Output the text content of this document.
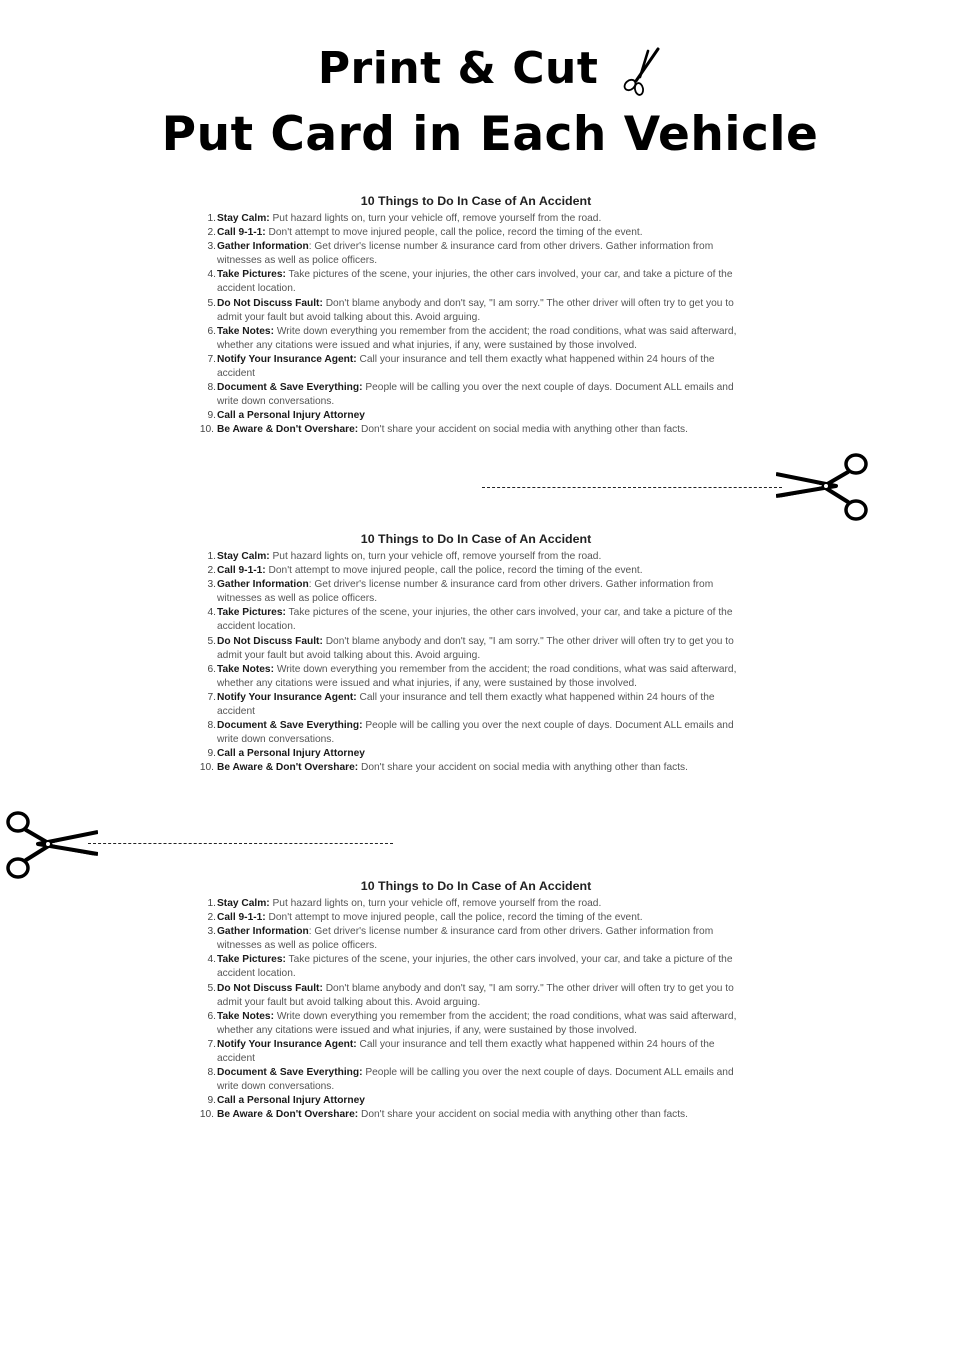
Print & Cut
Put Card in Each Vehicle
10 Things to Do In Case of An Accident
1. Stay Calm: Put hazard lights on, turn your vehicle off, remove yourself from the road.
2. Call 9-1-1: Don't attempt to move injured people, call the police, record the timing of the event.
3. Gather Information: Get driver's license number & insurance card from other drivers. Gather information from witnesses as well as police officers.
4. Take Pictures: Take pictures of the scene, your injuries, the other cars involved, your car, and take a picture of the accident location.
5. Do Not Discuss Fault: Don't blame anybody and don't say, "I am sorry." The other driver will often try to get you to admit your fault but avoid talking about this. Avoid arguing.
6. Take Notes: Write down everything you remember from the accident; the road conditions, what was said afterward, whether any citations were issued and what injuries, if any, were sustained by those involved.
7. Notify Your Insurance Agent: Call your insurance and tell them exactly what happened within 24 hours of the accident
8. Document & Save Everything: People will be calling you over the next couple of days. Document ALL emails and write down conversations.
9. Call a Personal Injury Attorney
10. Be Aware & Don't Overshare: Don't share your accident on social media with anything other than facts.
10 Things to Do In Case of An Accident
1. Stay Calm: Put hazard lights on, turn your vehicle off, remove yourself from the road.
2. Call 9-1-1: Don't attempt to move injured people, call the police, record the timing of the event.
3. Gather Information: Get driver's license number & insurance card from other drivers. Gather information from witnesses as well as police officers.
4. Take Pictures: Take pictures of the scene, your injuries, the other cars involved, your car, and take a picture of the accident location.
5. Do Not Discuss Fault: Don't blame anybody and don't say, "I am sorry." The other driver will often try to get you to admit your fault but avoid talking about this. Avoid arguing.
6. Take Notes: Write down everything you remember from the accident; the road conditions, what was said afterward, whether any citations were issued and what injuries, if any, were sustained by those involved.
7. Notify Your Insurance Agent: Call your insurance and tell them exactly what happened within 24 hours of the accident
8. Document & Save Everything: People will be calling you over the next couple of days. Document ALL emails and write down conversations.
9. Call a Personal Injury Attorney
10. Be Aware & Don't Overshare: Don't share your accident on social media with anything other than facts.
10 Things to Do In Case of An Accident
1. Stay Calm: Put hazard lights on, turn your vehicle off, remove yourself from the road.
2. Call 9-1-1: Don't attempt to move injured people, call the police, record the timing of the event.
3. Gather Information: Get driver's license number & insurance card from other drivers. Gather information from witnesses as well as police officers.
4. Take Pictures: Take pictures of the scene, your injuries, the other cars involved, your car, and take a picture of the accident location.
5. Do Not Discuss Fault: Don't blame anybody and don't say, "I am sorry." The other driver will often try to get you to admit your fault but avoid talking about this. Avoid arguing.
6. Take Notes: Write down everything you remember from the accident; the road conditions, what was said afterward, whether any citations were issued and what injuries, if any, were sustained by those involved.
7. Notify Your Insurance Agent: Call your insurance and tell them exactly what happened within 24 hours of the accident
8. Document & Save Everything: People will be calling you over the next couple of days. Document ALL emails and write down conversations.
9. Call a Personal Injury Attorney
10. Be Aware & Don't Overshare: Don't share your accident on social media with anything other than facts.
